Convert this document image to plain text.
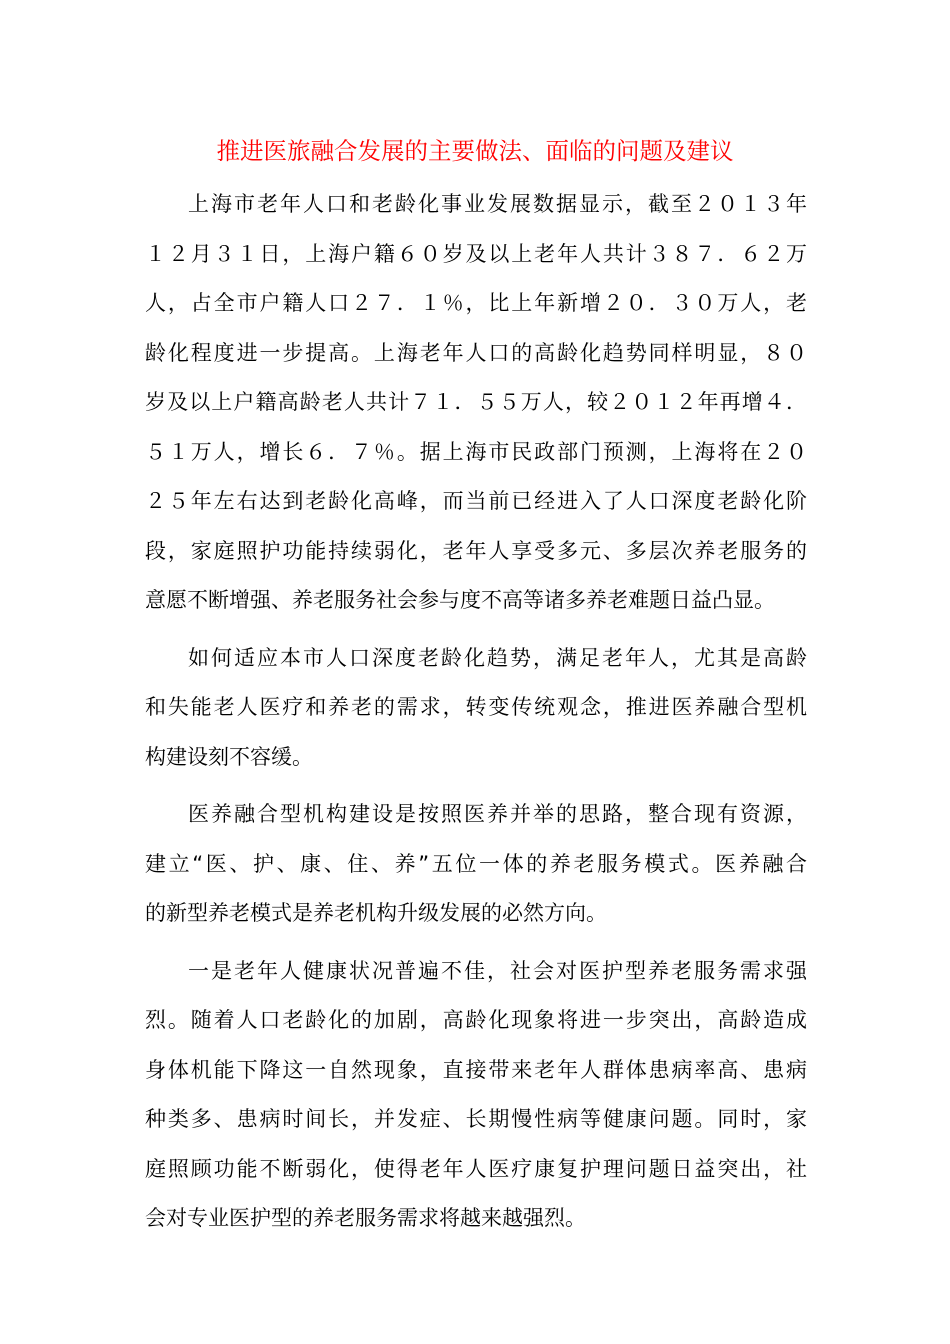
推进医旅融合发展的主要做法、面临的问题及建议
上海市老年人口和老龄化事业发展数据显示，截至２０１３年
１２月３１日，上海户籍６０岁及以上老年人共计３８７．６２万
人，占全市户籍人口２７．１％，比上年新增２０．３０万人，老
龄化程度进一步提高。上海老年人口的高龄化趋势同样明显，８０
岁及以上户籍高龄老人共计７１．５５万人，较２０１２年再增４．
５１万人，增长６．７％。据上海市民政部门预测，上海将在２０
２５年左右达到老龄化高峰，而当前已经进入了人口深度老龄化阶
段，家庭照护功能持续弱化，老年人享受多元、多层次养老服务的
意愿不断增强、养老服务社会参与度不高等诸多养老难题日益凸显。
如何适应本市人口深度老龄化趋势，满足老年人，尤其是高龄
和失能老人医疗和养老的需求，转变传统观念，推进医养融合型机
构建设刻不容缓。
医养融合型机构建设是按照医养并举的思路，整合现有资源，
建立“医、护、康、住、养”五位一体的养老服务模式。医养融合
的新型养老模式是养老机构升级发展的必然方向。
一是老年人健康状况普遍不佳，社会对医护型养老服务需求强
烈。随着人口老龄化的加剧，高龄化现象将进一步突出，高龄造成
身体机能下降这一自然现象，直接带来老年人群体患病率高、患病
种类多、患病时间长，并发症、长期慢性病等健康问题。同时，家
庭照顾功能不断弱化，使得老年人医疗康复护理问题日益突出，社
会对专业医护型的养老服务需求将越来越强烈。
